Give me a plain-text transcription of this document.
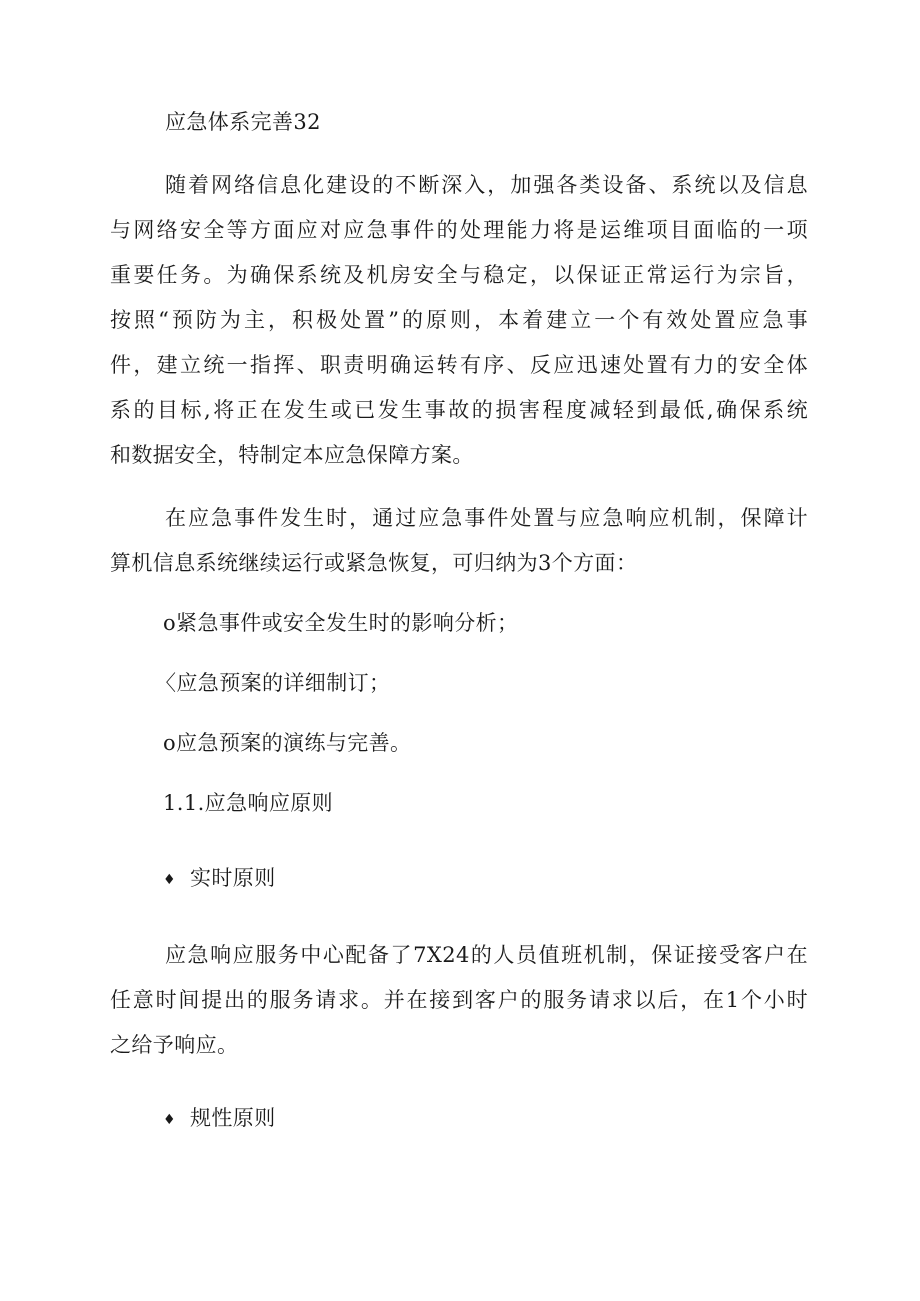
应急体系完善32
随着网络信息化建设的不断深入，加强各类设备、系统以及信息
与网络安全等方面应对应急事件的处理能力将是运维项目面临的一项
重要任务。为确保系统及机房安全与稳定，以保证正常运行为宗旨，
按照“预防为主，积极处置”的原则，本着建立一个有效处置应急事
件，建立统一指挥、职责明确运转有序、反应迅速处置有力的安全体
系的目标,将正在发生或已发生事故的损害程度减轻到最低,确保系统
和数据安全，特制定本应急保障方案。
在应急事件发生时，通过应急事件处置与应急响应机制，保障计
算机信息系统继续运行或紧急恢复，可归纳为3个方面：
o紧急事件或安全发生时的影响分析；
〈应急预案的详细制订；
o应急预案的演练与完善。
1.1.应急响应原则
♦ 实时原则
应急响应服务中心配备了7X24的人员值班机制，保证接受客户在
任意时间提出的服务请求。并在接到客户的服务请求以后，在1个小时
之给予响应。
♦ 规性原则
